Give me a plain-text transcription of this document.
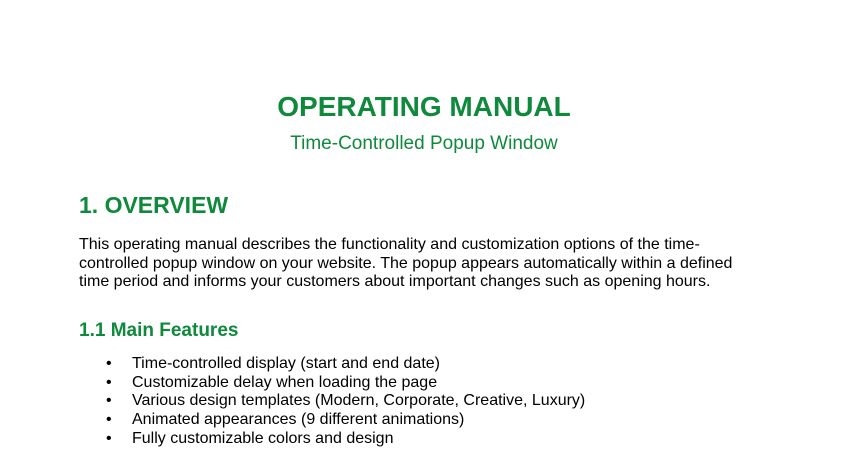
OPERATING MANUAL
Time-Controlled Popup Window
1. OVERVIEW

This operating manual describes the functionality and customization options of the time-controlled popup window on your website. The popup appears automatically within a defined time period and informs your customers about important changes such as opening hours.

1.1 Main Features
• Time-controlled display (start and end date)
• Customizable delay when loading the page
• Various design templates (Modern, Corporate, Creative, Luxury)
• Animated appearances (9 different animations)
• Fully customizable colors and design
